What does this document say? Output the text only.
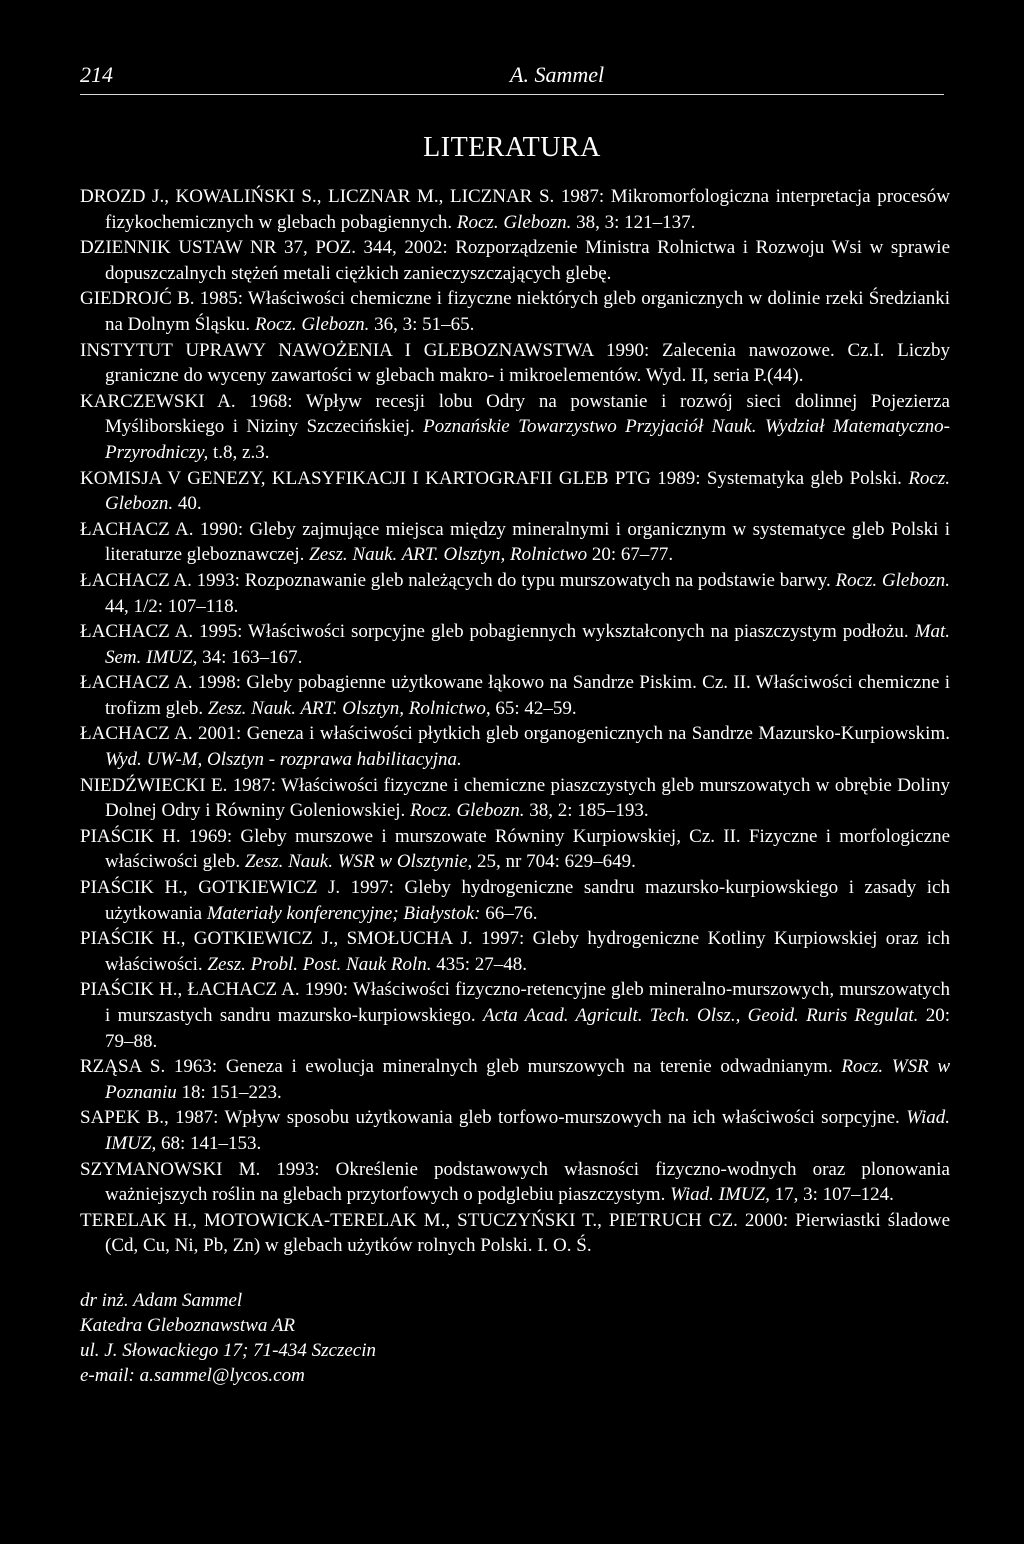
214	A. Sammel
LITERATURA
DROZD J., KOWALIŃSKI S., LICZNAR M., LICZNAR S. 1987: Mikromorfologiczna interpretacja procesów fizykochemicznych w glebach pobagiennych. Rocz. Glebozn. 38, 3: 121–137.
DZIENNIK USTAW NR 37, POZ. 344, 2002: Rozporządzenie Ministra Rolnictwa i Rozwoju Wsi w sprawie dopuszczalnych stężeń metali ciężkich zanieczyszczających glebę.
GIEDROJĆ B. 1985: Właściwości chemiczne i fizyczne niektórych gleb organicznych w dolinie rzeki Średzianki na Dolnym Śląsku. Rocz. Glebozn. 36, 3: 51–65.
INSTYTUT UPRAWY NAWOŻENIA I GLEBOZNAWSTWA 1990: Zalecenia nawozowe. Cz.I. Liczby graniczne do wyceny zawartości w glebach makro- i mikroelementów. Wyd. II, seria P.(44).
KARCZEWSKI A. 1968: Wpływ recesji lobu Odry na powstanie i rozwój sieci dolinnej Pojezierza Myśliborskiego i Niziny Szczecińskiej. Poznańskie Towarzystwo Przyjaciół Nauk. Wydział Matematyczno-Przyrodniczy, t.8, z.3.
KOMISJA V GENEZY, KLASYFIKACJI I KARTOGRAFII GLEB PTG 1989: Systematyka gleb Polski. Rocz. Glebozn. 40.
ŁACHACZ A. 1990: Gleby zajmujące miejsca między mineralnymi i organicznym w systematyce gleb Polski i literaturze gleboznawczej. Zesz. Nauk. ART. Olsztyn, Rolnictwo 20: 67–77.
ŁACHACZ A. 1993: Rozpoznawanie gleb należących do typu murszowatych na podstawie barwy. Rocz. Glebozn. 44, 1/2: 107–118.
ŁACHACZ A. 1995: Właściwości sorpcyjne gleb pobagiennych wykształconych na piaszczystym podłożu. Mat. Sem. IMUZ, 34: 163–167.
ŁACHACZ A. 1998: Gleby pobagienne użytkowane łąkowo na Sandrze Piskim. Cz. II. Właściwości chemiczne i trofizm gleb. Zesz. Nauk. ART. Olsztyn, Rolnictwo, 65: 42–59.
ŁACHACZ A. 2001: Geneza i właściwości płytkich gleb organogenicznych na Sandrze Mazursko-Kurpiowskim. Wyd. UW-M, Olsztyn - rozprawa habilitacyjna.
NIEDŹWIECKI E. 1987: Właściwości fizyczne i chemiczne piaszczystych gleb murszowatych w obrębie Doliny Dolnej Odry i Równiny Goleniowskiej. Rocz. Glebozn. 38, 2: 185–193.
PIAŚCIK H. 1969: Gleby murszowe i murszowate Równiny Kurpiowskiej, Cz. II. Fizyczne i morfologiczne właściwości gleb. Zesz. Nauk. WSR w Olsztynie, 25, nr 704: 629–649.
PIAŚCIK H., GOTKIEWICZ J. 1997: Gleby hydrogeniczne sandru mazursko-kurpiowskiego i zasady ich użytkowania Materiały konferencyjne; Białystok: 66–76.
PIAŚCIK H., GOTKIEWICZ J., SMOŁUCHA J. 1997: Gleby hydrogeniczne Kotliny Kurpiowskiej oraz ich właściwości. Zesz. Probl. Post. Nauk Roln. 435: 27–48.
PIAŚCIK H., ŁACHACZ A. 1990: Właściwości fizyczno-retencyjne gleb mineralno-murszowych, murszowatych i murszastych sandru mazursko-kurpiowskiego. Acta Acad. Agricult. Tech. Olsz., Geoid. Ruris Regulat. 20: 79–88.
RZĄSA S. 1963: Geneza i ewolucja mineralnych gleb murszowych na terenie odwadnianym. Rocz. WSR w Poznaniu 18: 151–223.
SAPEK B., 1987: Wpływ sposobu użytkowania gleb torfowo-murszowych na ich właściwości sorpcyjne. Wiad. IMUZ, 68: 141–153.
SZYMANOWSKI M. 1993: Określenie podstawowych własności fizyczno-wodnych oraz plonowania ważniejszych roślin na glebach przytorfowych o podglebiu piaszczystym. Wiad. IMUZ, 17, 3: 107–124.
TERELAK H., MOTOWICKA-TERELAK M., STUCZYŃSKI T., PIETRUCH CZ. 2000: Pierwiastki śladowe (Cd, Cu, Ni, Pb, Zn) w glebach użytków rolnych Polski. I. O. Ś.
dr inż. Adam Sammel
Katedra Gleboznawstwa AR
ul. J. Słowackiego 17; 71-434 Szczecin
e-mail: a.sammel@lycos.com
